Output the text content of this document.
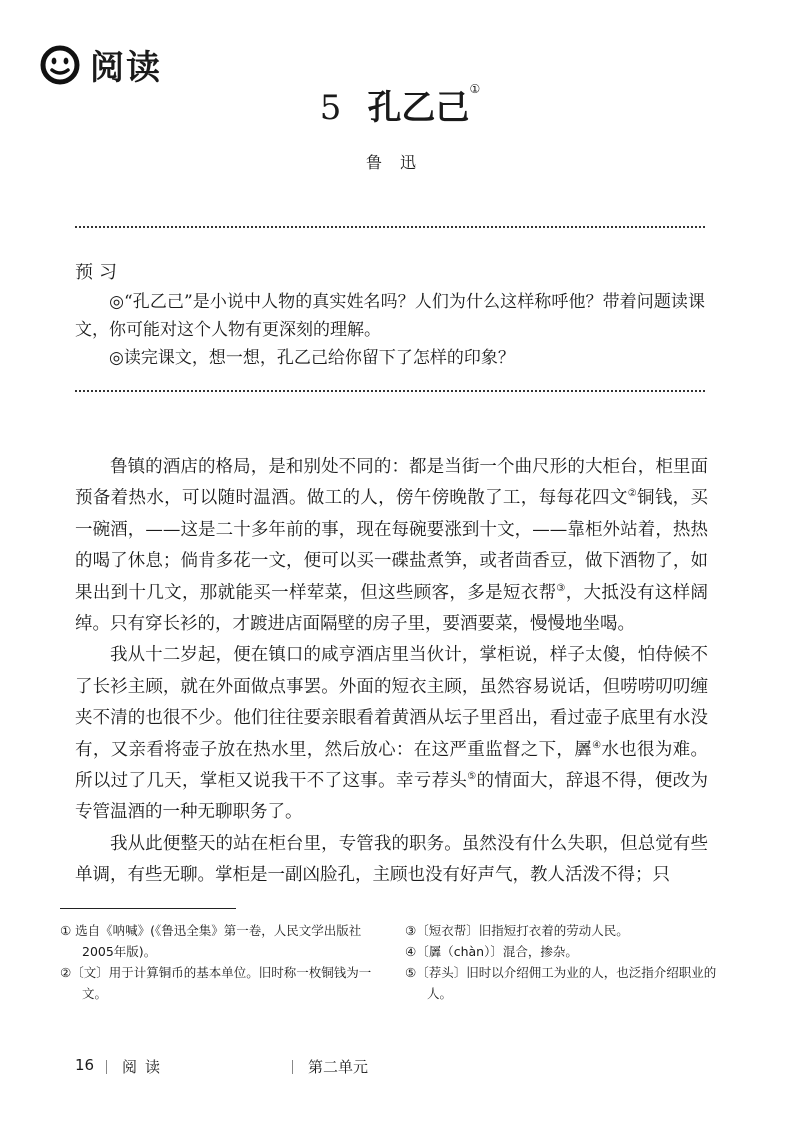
阅读
5 孔乙己①
鲁迅
预习
◎“孔乙己”是小说中人物的真实姓名吗？人们为什么这样称呼他？带着问题读课文，你可能对这个人物有更深刻的理解。
◎读完课文，想一想，孔乙己给你留下了怎样的印象？

鲁镇的酒店的格局，是和别处不同的：都是当街一个曲尺形的大柜台，柜里面预备着热水，可以随时温酒。做工的人，傍午傍晚散了工，每每花四文②铜钱，买一碗酒，——这是二十多年前的事，现在每碗要涨到十文，——靠柜外站着，热热的喝了休息；倘肯多花一文，便可以买一碟盐煮笋，或者茴香豆，做下酒物了，如果出到十几文，那就能买一样荤菜，但这些顾客，多是短衣帮③，大抵没有这样阔绰。只有穿长衫的，才踱进店面隔壁的房子里，要酒要菜，慢慢地坐喝。

我从十二岁起，便在镇口的咸亨酒店里当伙计，掌柜说，样子太傻，怕侍候不了长衫主顾，就在外面做点事罢。外面的短衣主顾，虽然容易说话，但唠唠叨叨缠夹不清的也很不少。他们往往要亲眼看着黄酒从坛子里舀出，看过壶子底里有水没有，又亲看将壶子放在热水里，然后放心：在这严重监督之下，羼④水也很为难。所以过了几天，掌柜又说我干不了这事。幸亏荐头⑤的情面大，辞退不得，便改为专管温酒的一种无聊职务了。

我从此便整天的站在柜台里，专管我的职务。虽然没有什么失职，但总觉有些单调，有些无聊。掌柜是一副凶脸孔，主顾也没有好声气，教人活泼不得；只

① 选自《呐喊》(《鲁迅全集》第一卷，人民文学出版社2005年版)。
②〔文〕用于计算铜币的基本单位。旧时称一枚铜钱为一文。
③〔短衣帮〕旧指短打衣着的劳动人民。
④〔羼（chàn）〕混合，掺杂。
⑤〔荐头〕旧时以介绍佣工为业的人，也泛指介绍职业的人。
16 阅读	第二单元
